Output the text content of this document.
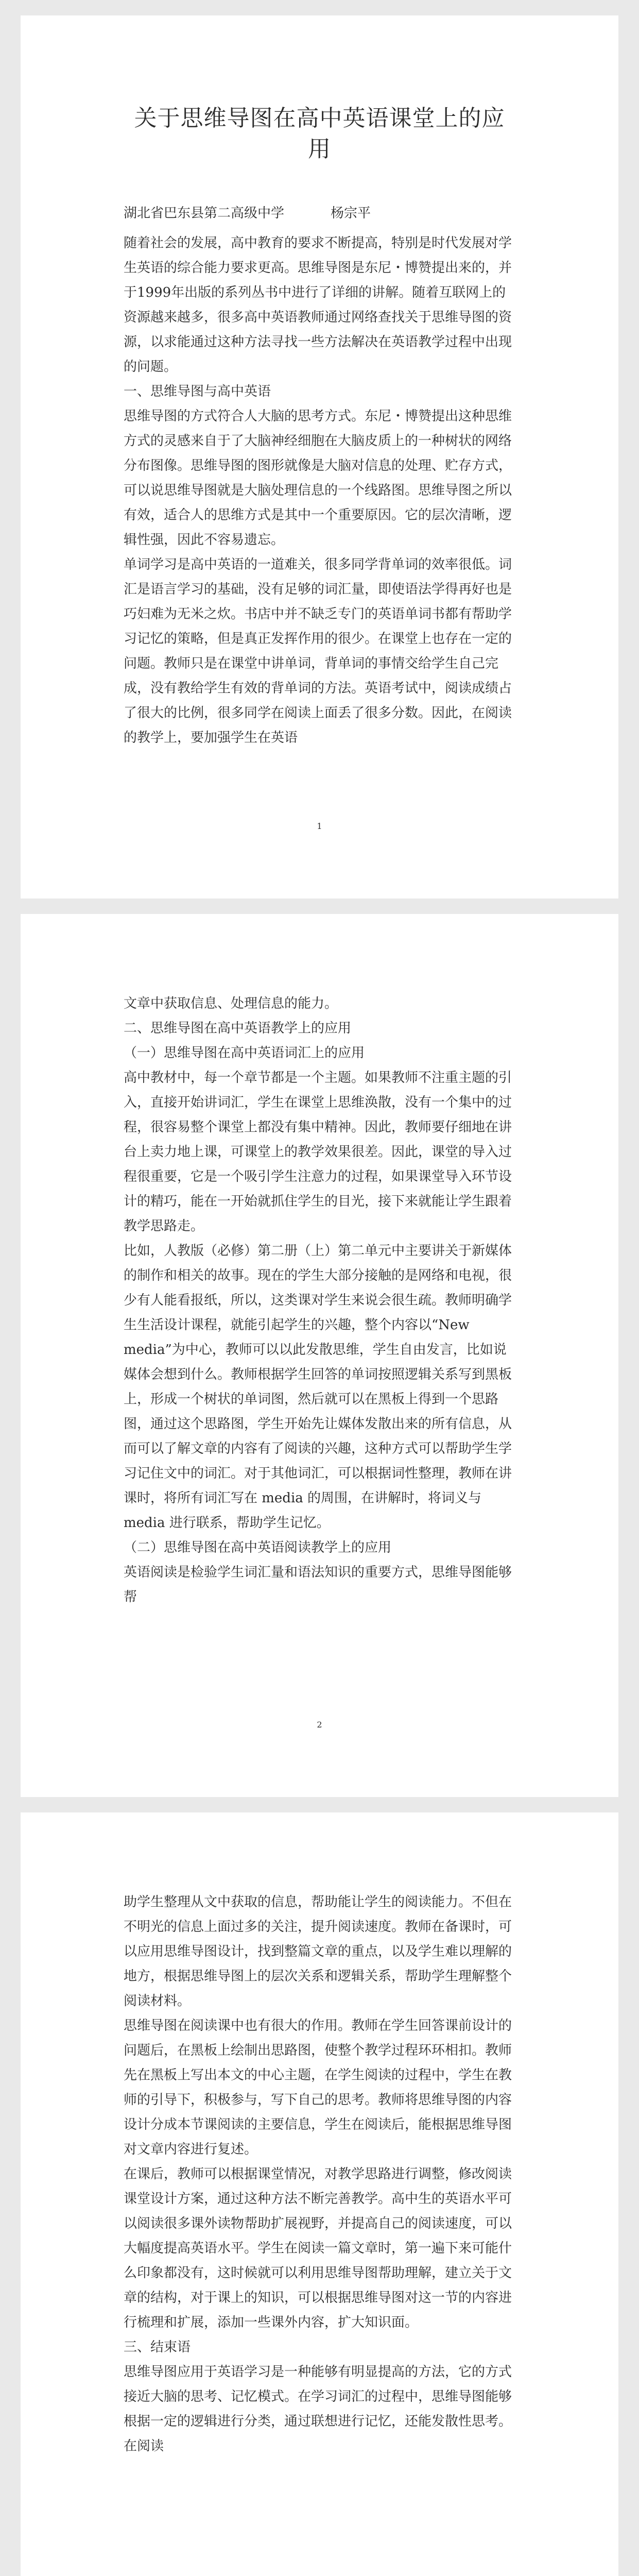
关于思维导图在高中英语课堂上的应用

湖北省巴东县第二高级中学	杨宗平

随着社会的发展，高中教育的要求不断提高，特别是时代发展对学生英语的综合能力要求更高。思维导图是东尼・博赞提出来的，并于1999年出版的系列丛书中进行了详细的讲解。随着互联网上的资源越来越多，很多高中英语教师通过网络查找关于思维导图的资源，以求能通过这种方法寻找一些方法解决在英语教学过程中出现的问题。

一、思维导图与高中英语

思维导图的方式符合人大脑的思考方式。东尼・博赞提出这种思维方式的灵感来自于了大脑神经细胞在大脑皮质上的一种树状的网络分布图像。思维导图的图形就像是大脑对信息的处理、贮存方式，可以说思维导图就是大脑处理信息的一个线路图。思维导图之所以有效，适合人的思维方式是其中一个重要原因。它的层次清晰，逻辑性强，因此不容易遗忘。

单词学习是高中英语的一道难关，很多同学背单词的效率很低。词汇是语言学习的基础，没有足够的词汇量，即使语法学得再好也是巧妇难为无米之炊。书店中并不缺乏专门的英语单词书都有帮助学习记忆的策略，但是真正发挥作用的很少。在课堂上也存在一定的问题。教师只是在课堂中讲单词，背单词的事情交给学生自己完成，没有教给学生有效的背单词的方法。英语考试中，阅读成绩占了很大的比例，很多同学在阅读上面丢了很多分数。因此，在阅读的教学上，要加强学生在英语

1

文章中获取信息、处理信息的能力。

二、思维导图在高中英语教学上的应用

（一）思维导图在高中英语词汇上的应用

高中教材中，每一个章节都是一个主题。如果教师不注重主题的引入，直接开始讲词汇，学生在课堂上思维涣散，没有一个集中的过程，很容易整个课堂上都没有集中精神。因此，教师要仔细地在讲台上卖力地上课，可课堂上的教学效果很差。因此，课堂的导入过程很重要，它是一个吸引学生注意力的过程，如果课堂导入环节设计的精巧，能在一开始就抓住学生的目光，接下来就能让学生跟着教学思路走。

比如，人教版（必修）第二册（上）第二单元中主要讲关于新媒体的制作和相关的故事。现在的学生大部分接触的是网络和电视，很少有人能看报纸，所以，这类课对学生来说会很生疏。教师明确学生生活设计课程，就能引起学生的兴趣，整个内容以“New media”为中心，教师可以以此发散思维，学生自由发言，比如说媒体会想到什么。教师根据学生回答的单词按照逻辑关系写到黑板上，形成一个树状的单词图，然后就可以在黑板上得到一个思路图，通过这个思路图，学生开始先让媒体发散出来的所有信息，从而可以了解文章的内容有了阅读的兴趣，这种方式可以帮助学生学习记住文中的词汇。对于其他词汇，可以根据词性整理，教师在讲课时，将所有词汇写在 media 的周围，在讲解时，将词义与 media 进行联系，帮助学生记忆。

（二）思维导图在高中英语阅读教学上的应用

英语阅读是检验学生词汇量和语法知识的重要方式，思维导图能够帮

2

助学生整理从文中获取的信息，帮助能让学生的阅读能力。不但在不明光的信息上面过多的关注，提升阅读速度。教师在备课时，可以应用思维导图设计，找到整篇文章的重点，以及学生难以理解的地方，根据思维导图上的层次关系和逻辑关系，帮助学生理解整个阅读材料。

思维导图在阅读课中也有很大的作用。教师在学生回答课前设计的问题后，在黑板上绘制出思路图，使整个教学过程环环相扣。教师先在黑板上写出本文的中心主题，在学生阅读的过程中，学生在教师的引导下，积极参与，写下自己的思考。教师将思维导图的内容设计分成本节课阅读的主要信息，学生在阅读后，能根据思维导图对文章内容进行复述。

在课后，教师可以根据课堂情况，对教学思路进行调整，修改阅读课堂设计方案，通过这种方法不断完善教学。高中生的英语水平可以阅读很多课外读物帮助扩展视野，并提高自己的阅读速度，可以大幅度提高英语水平。学生在阅读一篇文章时，第一遍下来可能什么印象都没有，这时候就可以利用思维导图帮助理解，建立关于文章的结构，对于课上的知识，可以根据思维导图对这一节的内容进行梳理和扩展，添加一些课外内容，扩大知识面。

三、结束语

思维导图应用于英语学习是一种能够有明显提高的方法，它的方式接近大脑的思考、记忆模式。在学习词汇的过程中，思维导图能够根据一定的逻辑进行分类，通过联想进行记忆，还能发散性思考。在阅读
